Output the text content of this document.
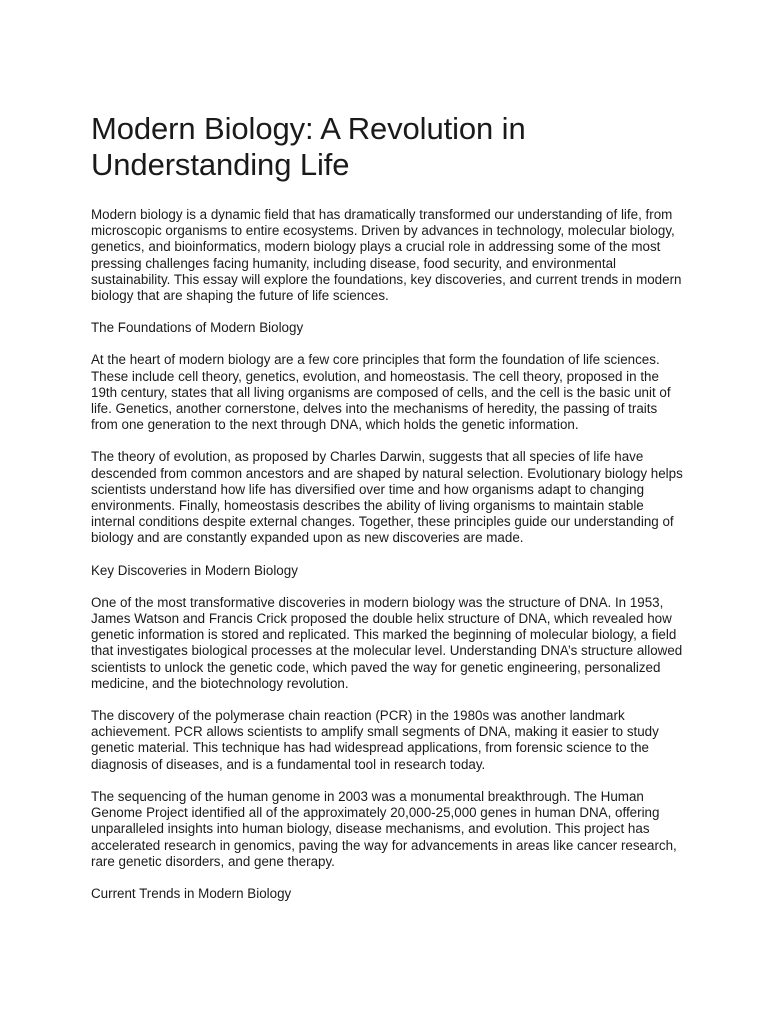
Modern Biology: A Revolution in Understanding Life

Modern biology is a dynamic field that has dramatically transformed our understanding of life, from microscopic organisms to entire ecosystems. Driven by advances in technology, molecular biology, genetics, and bioinformatics, modern biology plays a crucial role in addressing some of the most pressing challenges facing humanity, including disease, food security, and environmental sustainability. This essay will explore the foundations, key discoveries, and current trends in modern biology that are shaping the future of life sciences.

The Foundations of Modern Biology

At the heart of modern biology are a few core principles that form the foundation of life sciences. These include cell theory, genetics, evolution, and homeostasis. The cell theory, proposed in the 19th century, states that all living organisms are composed of cells, and the cell is the basic unit of life. Genetics, another cornerstone, delves into the mechanisms of heredity, the passing of traits from one generation to the next through DNA, which holds the genetic information.

The theory of evolution, as proposed by Charles Darwin, suggests that all species of life have descended from common ancestors and are shaped by natural selection. Evolutionary biology helps scientists understand how life has diversified over time and how organisms adapt to changing environments. Finally, homeostasis describes the ability of living organisms to maintain stable internal conditions despite external changes. Together, these principles guide our understanding of biology and are constantly expanded upon as new discoveries are made.

Key Discoveries in Modern Biology

One of the most transformative discoveries in modern biology was the structure of DNA. In 1953, James Watson and Francis Crick proposed the double helix structure of DNA, which revealed how genetic information is stored and replicated. This marked the beginning of molecular biology, a field that investigates biological processes at the molecular level. Understanding DNA’s structure allowed scientists to unlock the genetic code, which paved the way for genetic engineering, personalized medicine, and the biotechnology revolution.

The discovery of the polymerase chain reaction (PCR) in the 1980s was another landmark achievement. PCR allows scientists to amplify small segments of DNA, making it easier to study genetic material. This technique has had widespread applications, from forensic science to the diagnosis of diseases, and is a fundamental tool in research today.

The sequencing of the human genome in 2003 was a monumental breakthrough. The Human Genome Project identified all of the approximately 20,000-25,000 genes in human DNA, offering unparalleled insights into human biology, disease mechanisms, and evolution. This project has accelerated research in genomics, paving the way for advancements in areas like cancer research, rare genetic disorders, and gene therapy.

Current Trends in Modern Biology
